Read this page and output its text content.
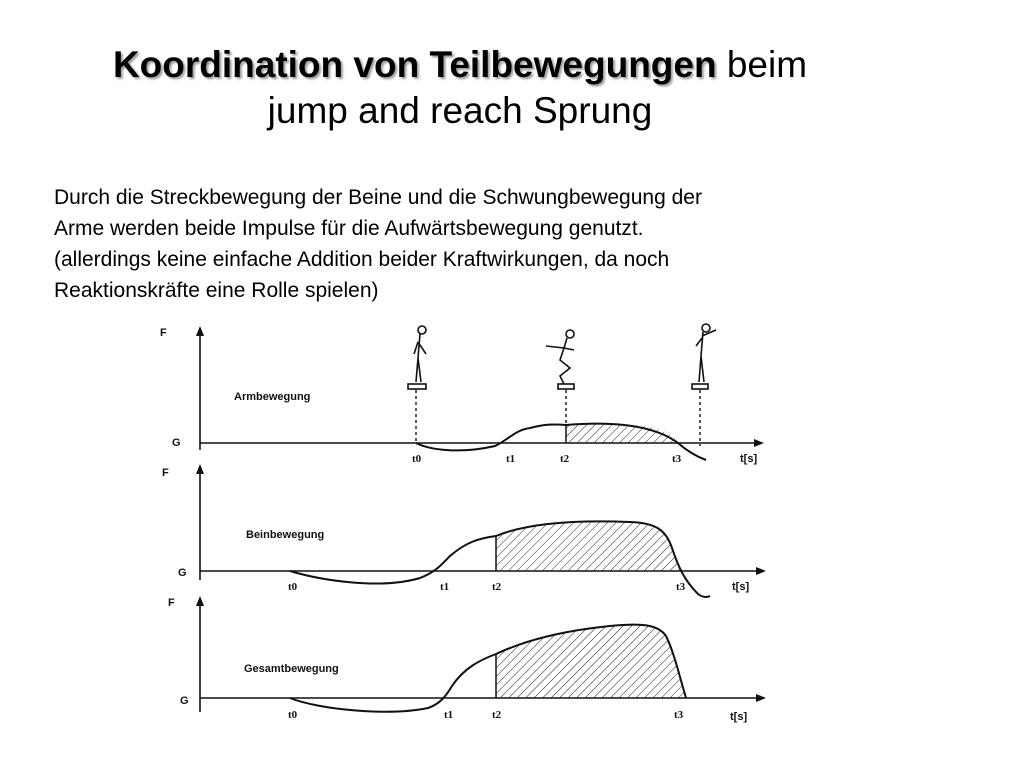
Koordination von Teilbewegungen beim
jump and reach Sprung

Durch die Streckbewegung der Beine und die Schwungbewegung der
Arme werden beide Impulse für die Aufwärtsbewegung genutzt.
(allerdings keine einfache Addition beider Kraftwirkungen, da noch
Reaktionskräfte eine Rolle spielen)

F
G
t[s]
Armbewegung
t0	t1	t2	t3
F
G
t[s]
Beinbewegung
t0	t1	t2	t3
F
G
t[s]
Gesamtbewegung
t0	t1	t2	t3
